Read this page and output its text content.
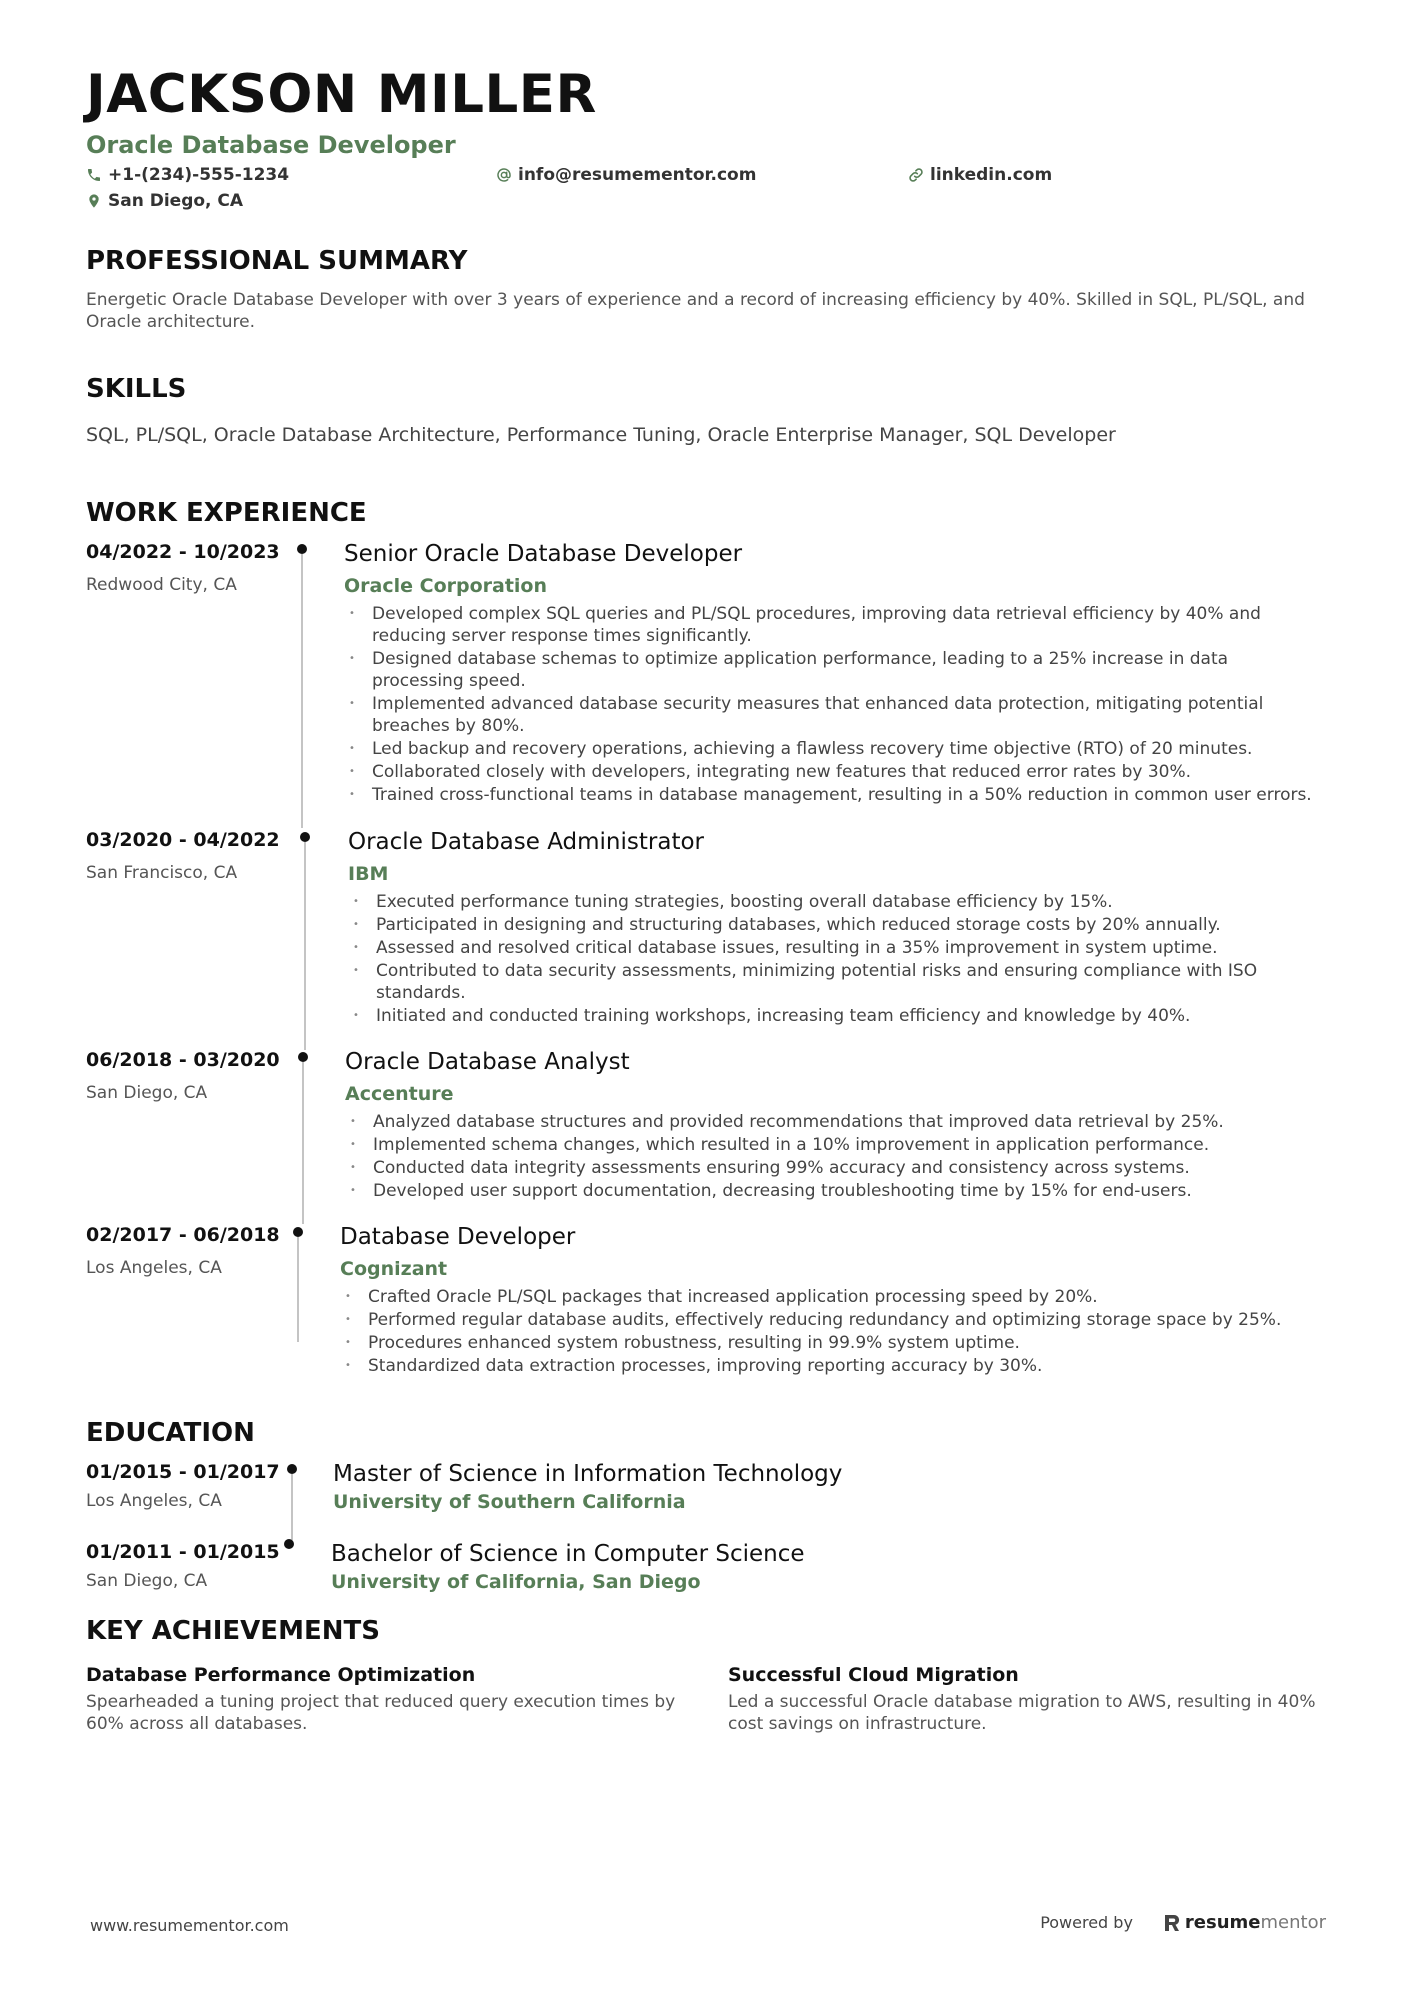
JACKSON MILLER
Oracle Database Developer
+1-(234)-555-1234	info@resumementor.com	linkedin.com
San Diego, CA
PROFESSIONAL SUMMARY
Energetic Oracle Database Developer with over 3 years of experience and a record of increasing efficiency by 40%. Skilled in SQL, PL/SQL, and Oracle architecture.
SKILLS
SQL, PL/SQL, Oracle Database Architecture, Performance Tuning, Oracle Enterprise Manager, SQL Developer
WORK EXPERIENCE
04/2022 - 10/2023
Redwood City, CA
Senior Oracle Database Developer
Oracle Corporation
• Developed complex SQL queries and PL/SQL procedures, improving data retrieval efficiency by 40% and reducing server response times significantly.
• Designed database schemas to optimize application performance, leading to a 25% increase in data processing speed.
• Implemented advanced database security measures that enhanced data protection, mitigating potential breaches by 80%.
• Led backup and recovery operations, achieving a flawless recovery time objective (RTO) of 20 minutes.
• Collaborated closely with developers, integrating new features that reduced error rates by 30%.
• Trained cross-functional teams in database management, resulting in a 50% reduction in common user errors.
03/2020 - 04/2022
San Francisco, CA
Oracle Database Administrator
IBM
• Executed performance tuning strategies, boosting overall database efficiency by 15%.
• Participated in designing and structuring databases, which reduced storage costs by 20% annually.
• Assessed and resolved critical database issues, resulting in a 35% improvement in system uptime.
• Contributed to data security assessments, minimizing potential risks and ensuring compliance with ISO standards.
• Initiated and conducted training workshops, increasing team efficiency and knowledge by 40%.
06/2018 - 03/2020
San Diego, CA
Oracle Database Analyst
Accenture
• Analyzed database structures and provided recommendations that improved data retrieval by 25%.
• Implemented schema changes, which resulted in a 10% improvement in application performance.
• Conducted data integrity assessments ensuring 99% accuracy and consistency across systems.
• Developed user support documentation, decreasing troubleshooting time by 15% for end-users.
02/2017 - 06/2018
Los Angeles, CA
Database Developer
Cognizant
• Crafted Oracle PL/SQL packages that increased application processing speed by 20%.
• Performed regular database audits, effectively reducing redundancy and optimizing storage space by 25%.
• Procedures enhanced system robustness, resulting in 99.9% system uptime.
• Standardized data extraction processes, improving reporting accuracy by 30%.
EDUCATION
01/2015 - 01/2017
Los Angeles, CA
Master of Science in Information Technology
University of Southern California
01/2011 - 01/2015
San Diego, CA
Bachelor of Science in Computer Science
University of California, San Diego
KEY ACHIEVEMENTS
Database Performance Optimization
Spearheaded a tuning project that reduced query execution times by 60% across all databases.
Successful Cloud Migration
Led a successful Oracle database migration to AWS, resulting in 40% cost savings on infrastructure.
www.resumementor.com	Powered by	resume mentor
